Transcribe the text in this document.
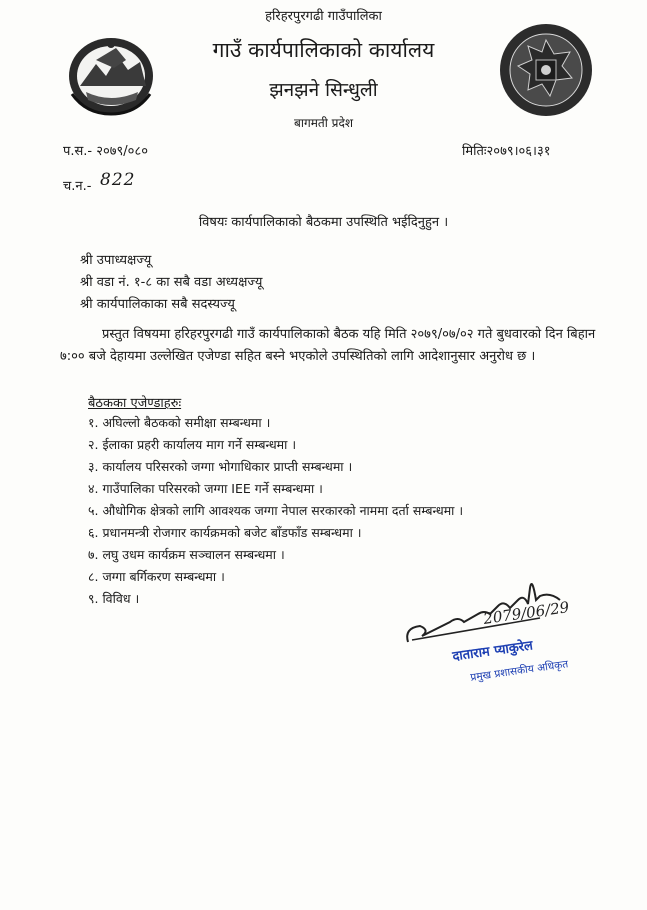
हरिहरपुरगढी गाउँपालिका
गाउँ कार्यपालिकाको कार्यालय
झनझने सिन्धुली
बागमती प्रदेश
प.स.- २०७९/०८०	मितिः२०७९।०६।३१
च.न.- 822
विषयः कार्यपालिकाको बैठकमा उपस्थिति भईदिनुहुन ।
श्री उपाध्यक्षज्यू
श्री वडा नं. १-८ का सबै वडा अध्यक्षज्यू
श्री कार्यपालिकाका सबै सदस्यज्यू
प्रस्तुत विषयमा हरिहरपुरगढी गाउँ कार्यपालिकाको बैठक यहि मिति २०७९/०७/०२ गते बुधवारको दिन बिहान ७:०० बजे देहायमा उल्लेखित एजेण्डा सहित बस्ने भएकोले उपस्थितिको लागि आदेशानुसार अनुरोध छ ।
बैठकका एजेण्डाहरुः
१. अघिल्लो बैठकको समीक्षा सम्बन्धमा ।
२. ईलाका प्रहरी कार्यालय माग गर्ने सम्बन्धमा ।
३. कार्यालय परिसरको जग्गा भोगाधिकार प्राप्ती सम्बन्धमा ।
४. गाउँपालिका परिसरको जग्गा IEE गर्ने सम्बन्धमा ।
५. औधोगिक क्षेत्रको लागि आवश्यक जग्गा नेपाल सरकारको नाममा दर्ता सम्बन्धमा ।
६. प्रधानमन्त्री रोजगार कार्यक्रमको बजेट बाँडफाँड सम्बन्धमा ।
७. लघु उधम कार्यक्रम सञ्चालन सम्बन्धमा ।
८. जग्गा बर्गिकरण सम्बन्धमा ।
९. विविध ।	2079/06/29
दाताराम प्याकुरेल
प्रमुख प्रशासकीय अधिकृत
